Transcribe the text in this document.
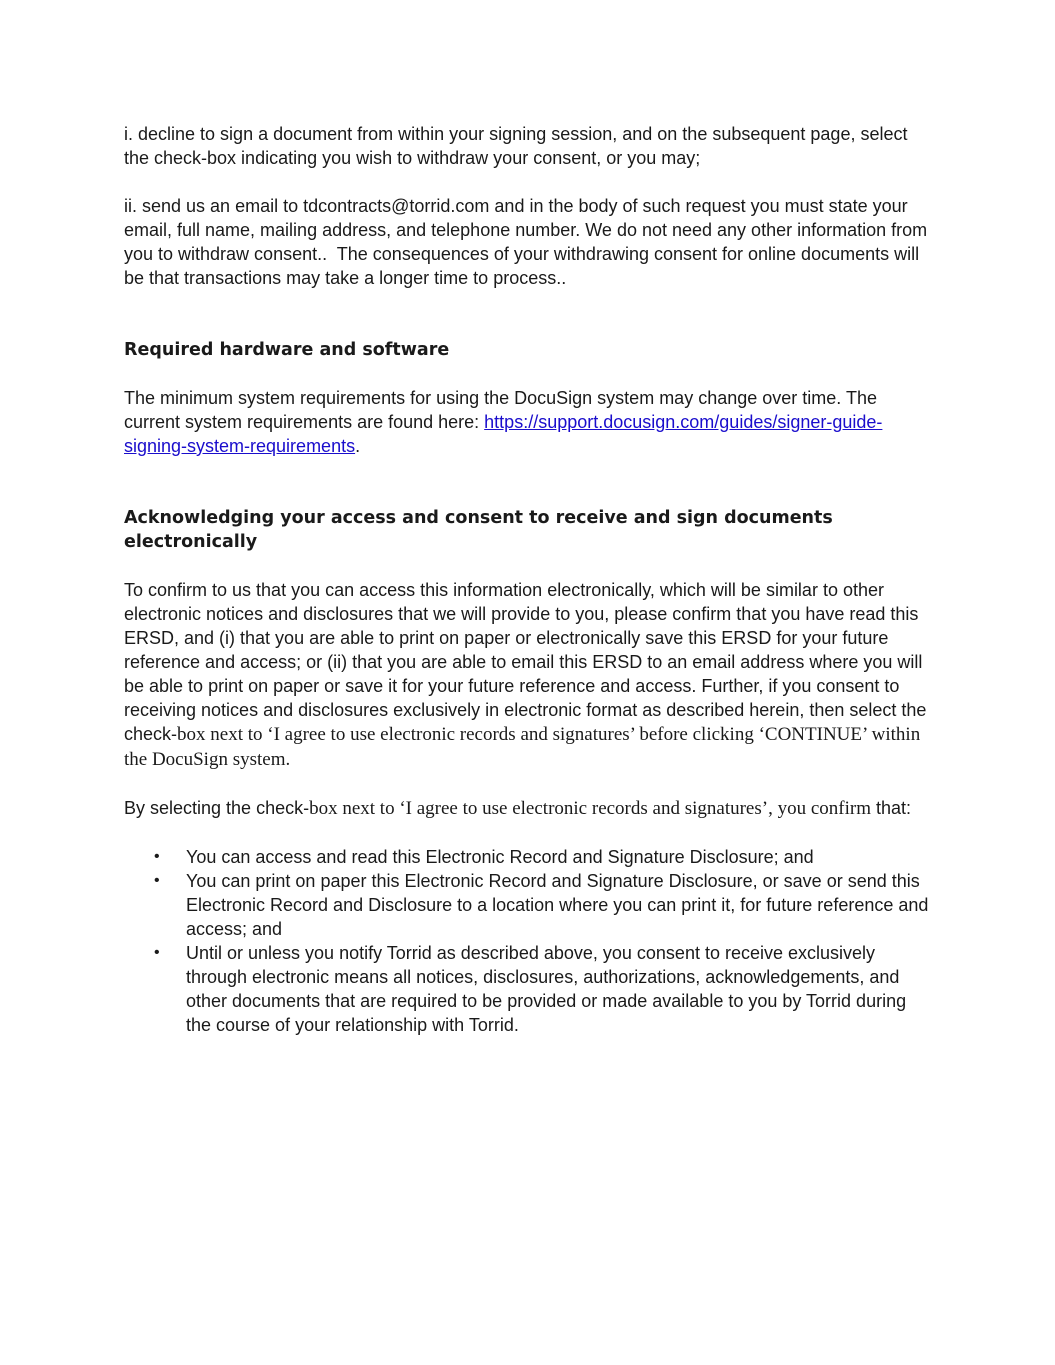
i. decline to sign a document from within your signing session, and on the subsequent page, select the check-box indicating you wish to withdraw your consent, or you may;

ii. send us an email to tdcontracts@torrid.com and in the body of such request you must state your email, full name, mailing address, and telephone number. We do not need any other information from you to withdraw consent..  The consequences of your withdrawing consent for online documents will be that transactions may take a longer time to process..

Required hardware and software

The minimum system requirements for using the DocuSign system may change over time. The current system requirements are found here: https://support.docusign.com/guides/signer-guide-signing-system-requirements.

Acknowledging your access and consent to receive and sign documents electronically

To confirm to us that you can access this information electronically, which will be similar to other electronic notices and disclosures that we will provide to you, please confirm that you have read this ERSD, and (i) that you are able to print on paper or electronically save this ERSD for your future reference and access; or (ii) that you are able to email this ERSD to an email address where you will be able to print on paper or save it for your future reference and access. Further, if you consent to receiving notices and disclosures exclusively in electronic format as described herein, then select the check-box next to ‘I agree to use electronic records and signatures’ before clicking ‘CONTINUE’ within the DocuSign system.

By selecting the check-box next to ‘I agree to use electronic records and signatures’, you confirm that:

• You can access and read this Electronic Record and Signature Disclosure; and
• You can print on paper this Electronic Record and Signature Disclosure, or save or send this Electronic Record and Disclosure to a location where you can print it, for future reference and access; and
• Until or unless you notify Torrid as described above, you consent to receive exclusively through electronic means all notices, disclosures, authorizations, acknowledgements, and other documents that are required to be provided or made available to you by Torrid during the course of your relationship with Torrid.
